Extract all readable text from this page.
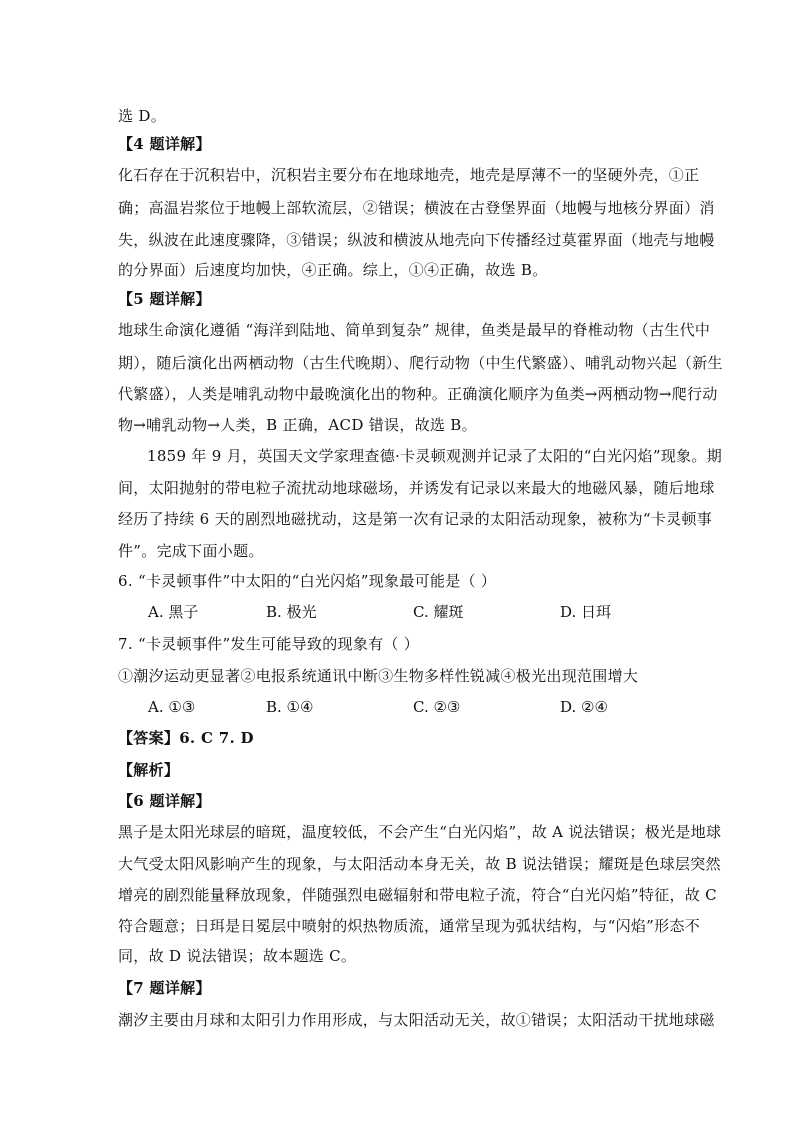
选 D。
【4 题详解】
化石存在于沉积岩中，沉积岩主要分布在地球地壳，地壳是厚薄不一的坚硬外壳，①正
确；高温岩浆位于地幔上部软流层，②错误；横波在古登堡界面（地幔与地核分界面）消
失，纵波在此速度骤降，③错误；纵波和横波从地壳向下传播经过莫霍界面（地壳与地幔
的分界面）后速度均加快，④正确。综上，①④正确，故选 B。
【5 题详解】
地球生命演化遵循 “海洋到陆地、简单到复杂” 规律，鱼类是最早的脊椎动物（古生代中
期），随后演化出两栖动物（古生代晚期）、爬行动物（中生代繁盛）、哺乳动物兴起（新生
代繁盛），人类是哺乳动物中最晚演化出的物种。正确演化顺序为鱼类→两栖动物→爬行动
物→哺乳动物→人类，B 正确，ACD 错误，故选 B。
1859 年 9 月，英国天文学家理查德·卡灵顿观测并记录了太阳的“白光闪焰”现象。期
间，太阳抛射的带电粒子流扰动地球磁场，并诱发有记录以来最大的地磁风暴，随后地球
经历了持续 6 天的剧烈地磁扰动，这是第一次有记录的太阳活动现象，被称为“卡灵顿事
件”。完成下面小题。
6. “卡灵顿事件”中太阳的“白光闪焰”现象最可能是（ ）
A. 黑子	B. 极光	C. 耀斑	D. 日珥
7. “卡灵顿事件”发生可能导致的现象有（ ）
①潮汐运动更显著②电报系统通讯中断③生物多样性锐减④极光出现范围增大
A. ①③	B. ①④	C. ②③	D. ②④
【答案】6. C 7. D
【解析】
【6 题详解】
黑子是太阳光球层的暗斑，温度较低，不会产生“白光闪焰”，故 A 说法错误；极光是地球
大气受太阳风影响产生的现象，与太阳活动本身无关，故 B 说法错误；耀斑是色球层突然
增亮的剧烈能量释放现象，伴随强烈电磁辐射和带电粒子流，符合“白光闪焰”特征，故 C
符合题意；日珥是日冕层中喷射的炽热物质流，通常呈现为弧状结构，与“闪焰”形态不
同，故 D 说法错误；故本题选 C。
【7 题详解】
潮汐主要由月球和太阳引力作用形成，与太阳活动无关，故①错误；太阳活动干扰地球磁
